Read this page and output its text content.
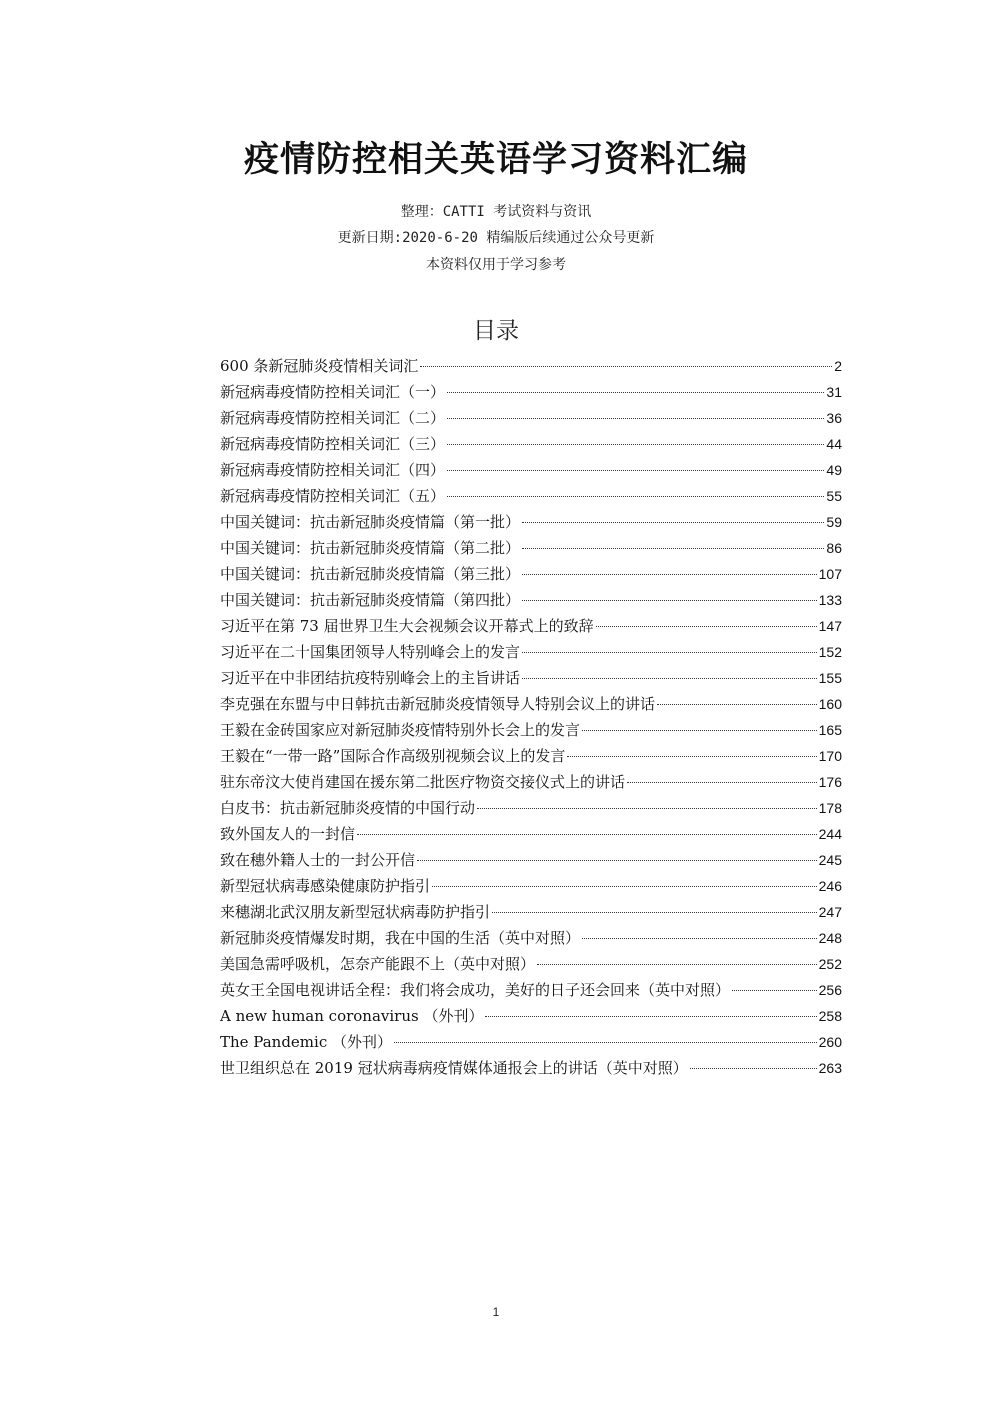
疫情防控相关英语学习资料汇编
整理：CATTI 考试资料与资讯
更新日期:2020-6-20 精编版后续通过公众号更新
本资料仅用于学习参考
目录
600 条新冠肺炎疫情相关词汇	2
新冠病毒疫情防控相关词汇（一）	31
新冠病毒疫情防控相关词汇（二）	36
新冠病毒疫情防控相关词汇（三）	44
新冠病毒疫情防控相关词汇（四）	49
新冠病毒疫情防控相关词汇（五）	55
中国关键词：抗击新冠肺炎疫情篇（第一批）	59
中国关键词：抗击新冠肺炎疫情篇（第二批）	86
中国关键词：抗击新冠肺炎疫情篇（第三批）	107
中国关键词：抗击新冠肺炎疫情篇（第四批）	133
习近平在第 73 届世界卫生大会视频会议开幕式上的致辞	147
习近平在二十国集团领导人特别峰会上的发言	152
习近平在中非团结抗疫特别峰会上的主旨讲话	155
李克强在东盟与中日韩抗击新冠肺炎疫情领导人特别会议上的讲话	160
王毅在金砖国家应对新冠肺炎疫情特别外长会上的发言	165
王毅在“一带一路”国际合作高级别视频会议上的发言	170
驻东帝汶大使肖建国在援东第二批医疗物资交接仪式上的讲话	176
白皮书：抗击新冠肺炎疫情的中国行动	178
致外国友人的一封信	244
致在穗外籍人士的一封公开信	245
新型冠状病毒感染健康防护指引	246
来穗湖北武汉朋友新型冠状病毒防护指引	247
新冠肺炎疫情爆发时期，我在中国的生活（英中对照）	248
美国急需呼吸机，怎奈产能跟不上（英中对照）	252
英女王全国电视讲话全程：我们将会成功，美好的日子还会回来（英中对照）	256
A new human coronavirus （外刊）	258
The Pandemic （外刊）	260
世卫组织总在 2019 冠状病毒病疫情媒体通报会上的讲话（英中对照）	263
1
